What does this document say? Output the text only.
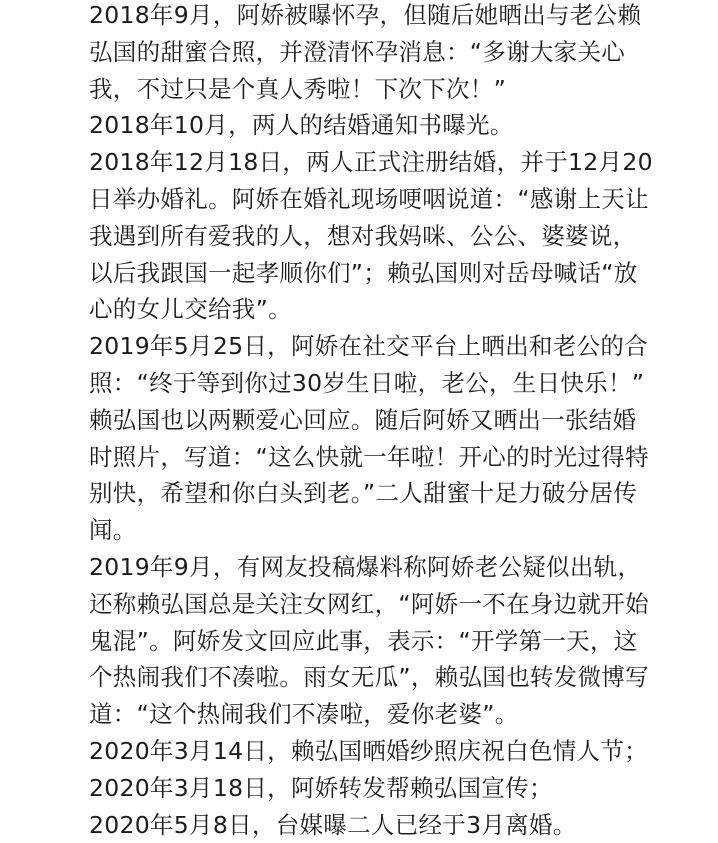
2018年9月，阿娇被曝怀孕，但随后她晒出与老公赖
弘国的甜蜜合照，并澄清怀孕消息：“多谢大家关心
我，不过只是个真人秀啦！下次下次！”
2018年10月，两人的结婚通知书曝光。
2018年12月18日，两人正式注册结婚，并于12月20
日举办婚礼。阿娇在婚礼现场哽咽说道：“感谢上天让
我遇到所有爱我的人，想对我妈咪、公公、婆婆说，
以后我跟国一起孝顺你们”；赖弘国则对岳母喊话“放
心的女儿交给我”。
2019年5月25日，阿娇在社交平台上晒出和老公的合
照：“终于等到你过30岁生日啦，老公，生日快乐！”
赖弘国也以两颗爱心回应。随后阿娇又晒出一张结婚
时照片，写道：“这么快就一年啦！开心的时光过得特
别快，希望和你白头到老。”二人甜蜜十足力破分居传
闻。
2019年9月，有网友投稿爆料称阿娇老公疑似出轨，
还称赖弘国总是关注女网红，“阿娇一不在身边就开始
鬼混”。阿娇发文回应此事，表示：“开学第一天，这
个热闹我们不凑啦。雨女无瓜”，赖弘国也转发微博写
道：“这个热闹我们不凑啦，爱你老婆”。
2020年3月14日，赖弘国晒婚纱照庆祝白色情人节；
2020年3月18日，阿娇转发帮赖弘国宣传；
2020年5月8日，台媒曝二人已经于3月离婚。
